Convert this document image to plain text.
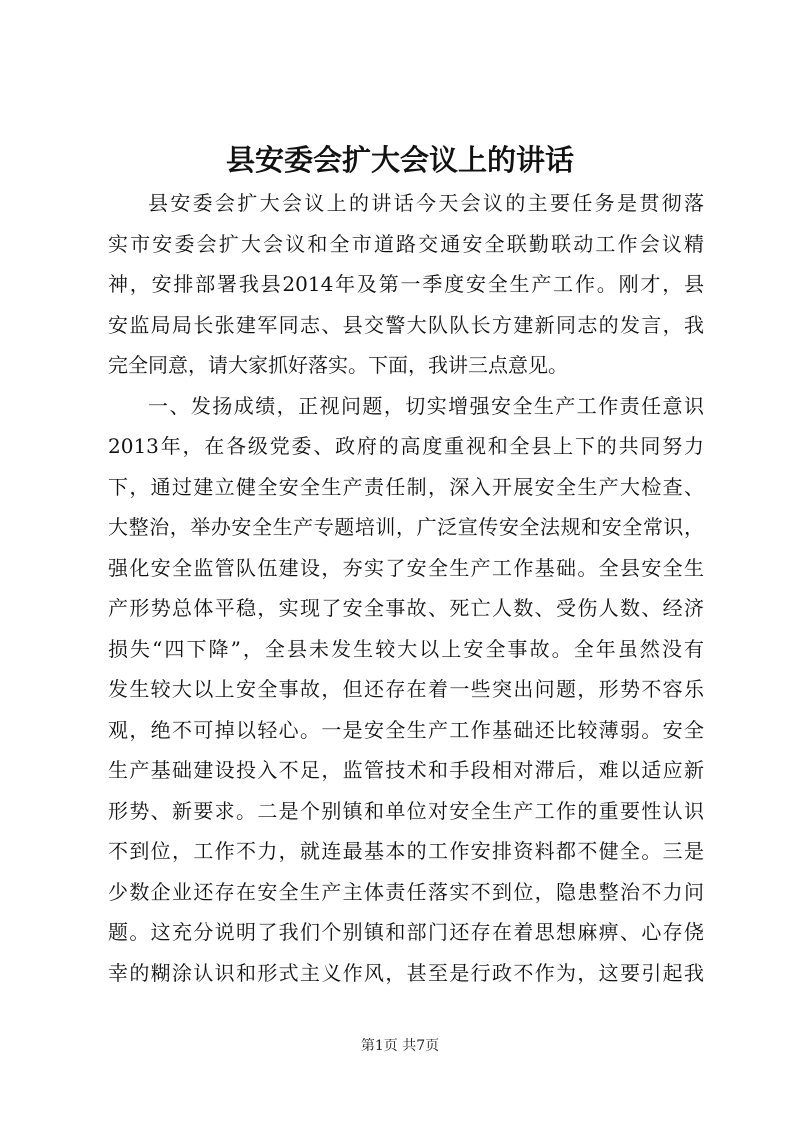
县安委会扩大会议上的讲话
县安委会扩大会议上的讲话今天会议的主要任务是贯彻落
实市安委会扩大会议和全市道路交通安全联勤联动工作会议精
神，安排部署我县2014年及第一季度安全生产工作。刚才，县
安监局局长张建军同志、县交警大队队长方建新同志的发言，我
完全同意，请大家抓好落实。下面，我讲三点意见。
一、发扬成绩，正视问题，切实增强安全生产工作责任意识
2013年，在各级党委、政府的高度重视和全县上下的共同努力
下，通过建立健全安全生产责任制，深入开展安全生产大检查、
大整治，举办安全生产专题培训，广泛宣传安全法规和安全常识，
强化安全监管队伍建设，夯实了安全生产工作基础。全县安全生
产形势总体平稳，实现了安全事故、死亡人数、受伤人数、经济
损失“四下降”，全县未发生较大以上安全事故。全年虽然没有
发生较大以上安全事故，但还存在着一些突出问题，形势不容乐
观，绝不可掉以轻心。一是安全生产工作基础还比较薄弱。安全
生产基础建设投入不足，监管技术和手段相对滞后，难以适应新
形势、新要求。二是个别镇和单位对安全生产工作的重要性认识
不到位，工作不力，就连最基本的工作安排资料都不健全。三是
少数企业还存在安全生产主体责任落实不到位，隐患整治不力问
题。这充分说明了我们个别镇和部门还存在着思想麻痹、心存侥
幸的糊涂认识和形式主义作风，甚至是行政不作为，这要引起我
第1页 共7页
